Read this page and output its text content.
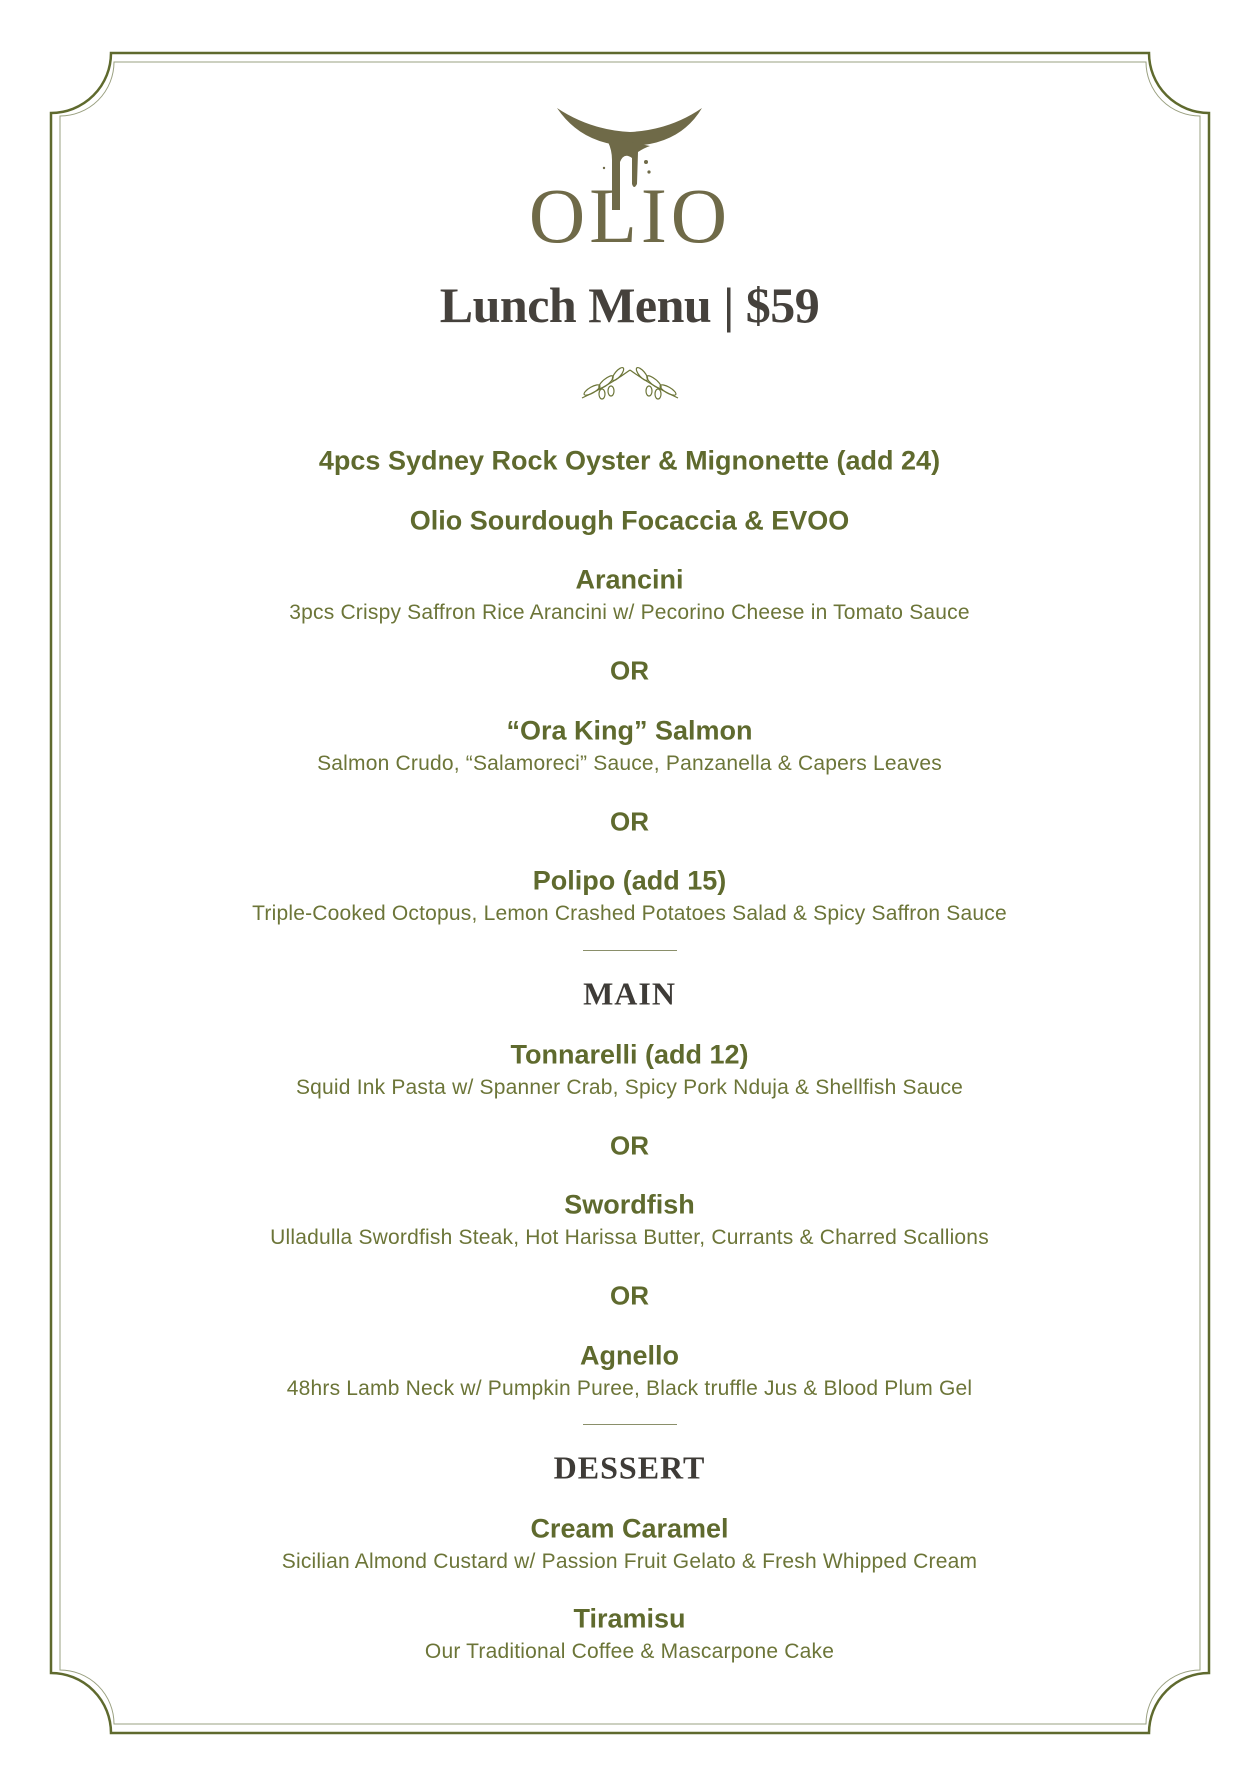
OLIO
Lunch Menu | $59
4pcs Sydney Rock Oyster & Mignonette (add 24)
Olio Sourdough Focaccia & EVOO
Arancini
3pcs Crispy Saffron Rice Arancini w/ Pecorino Cheese in Tomato Sauce
OR
“Ora King” Salmon
Salmon Crudo, “Salamoreci” Sauce, Panzanella & Capers Leaves
OR
Polipo (add 15)
Triple-Cooked Octopus, Lemon Crashed Potatoes Salad & Spicy Saffron Sauce
MAIN
Tonnarelli (add 12)
Squid Ink Pasta w/ Spanner Crab, Spicy Pork Nduja & Shellfish Sauce
OR
Swordfish
Ulladulla Swordfish Steak, Hot Harissa Butter, Currants & Charred Scallions
OR
Agnello
48hrs Lamb Neck w/ Pumpkin Puree, Black truffle Jus & Blood Plum Gel
DESSERT
Cream Caramel
Sicilian Almond Custard w/ Passion Fruit Gelato & Fresh Whipped Cream
Tiramisu
Our Traditional Coffee & Mascarpone Cake
